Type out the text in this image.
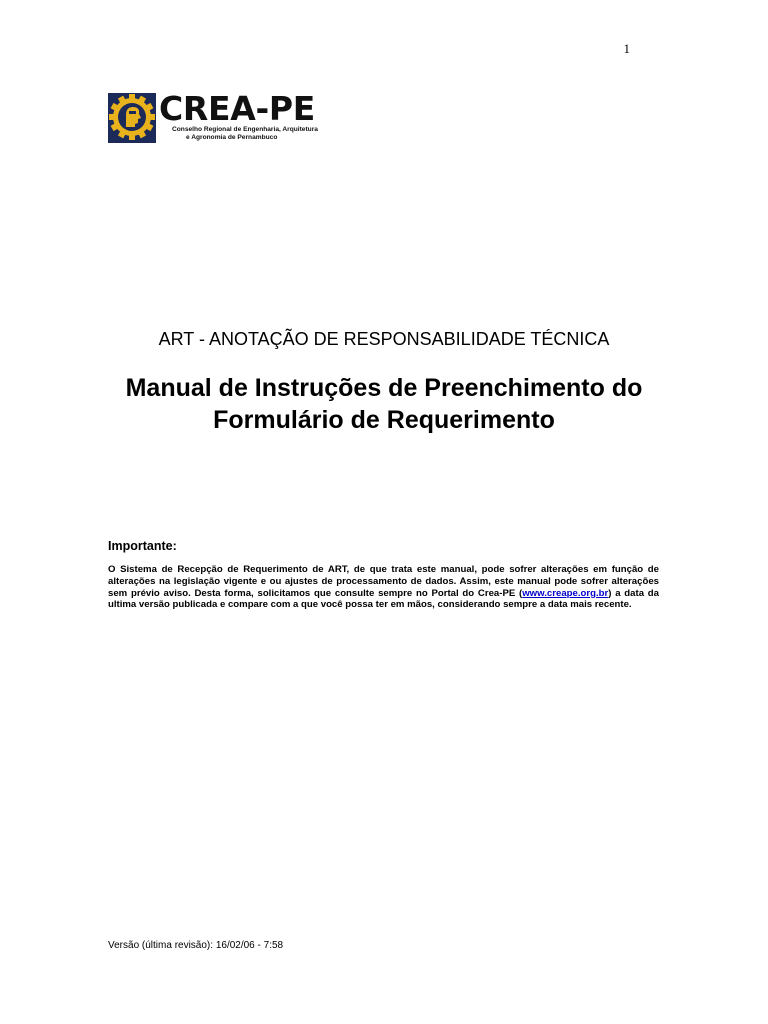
1
CREA-PE
Conselho Regional de Engenharia, Arquitetura
e Agronomia de Pernambuco
ART - ANOTAÇÃO DE RESPONSABILIDADE TÉCNICA
Manual de Instruções de Preenchimento do Formulário de Requerimento
Importante:
O Sistema de Recepção de Requerimento de ART, de que trata este manual, pode sofrer alterações em função de alterações na legislação vigente e ou ajustes de processamento de dados. Assim, este manual pode sofrer alterações sem prévio aviso. Desta forma, solicitamos que consulte sempre no Portal do Crea-PE (www.creape.org.br) a data da ultima versão publicada e compare com a que você possa ter em mãos, considerando sempre a data mais recente.
Versão (última revisão): 16/02/06 - 7:58
